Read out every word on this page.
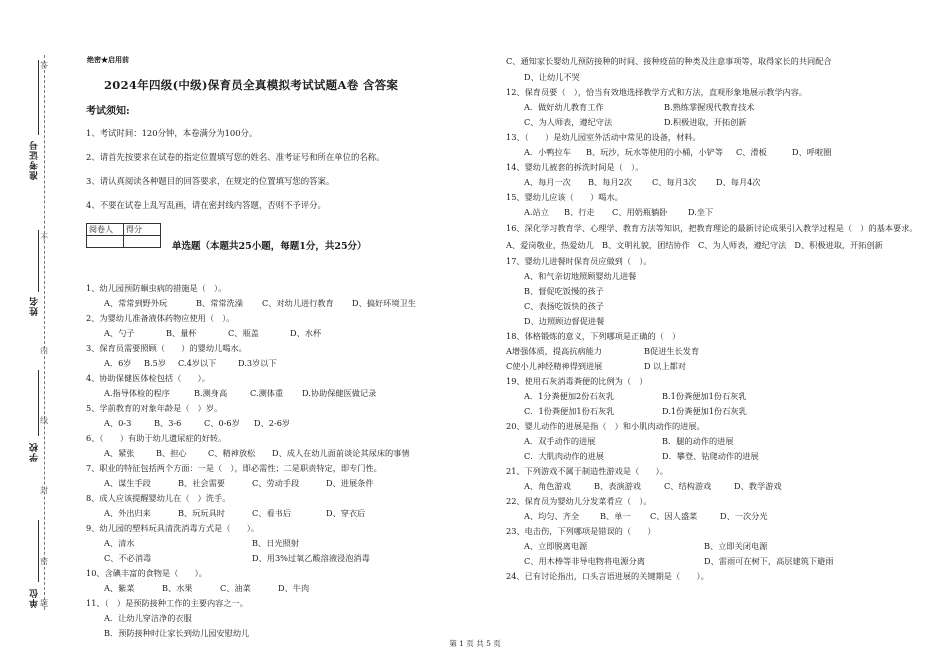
准考证号
姓名
学校
单位
答
不
内
线
封
密
题
绝密★启用前
2024年四级(中级)保育员全真模拟考试试题A卷 含答案
考试须知:
1、考试时间：120分钟，本卷满分为100分。
2、请首先按要求在试卷的指定位置填写您的姓名、准考证号和所在单位的名称。
3、请认真阅读各种题目的回答要求，在规定的位置填写您的答案。
4、不要在试卷上乱写乱画，请在密封线内答题，否则不予评分。
阅卷人	得分

单选题（本题共25小题，每题1分，共25分）
1、幼儿园预防蛔虫病的措施是（　）。
A、常常到野外玩	B、常常洗澡	C、对幼儿进行教育	D、搞好环境卫生
2、为婴幼儿准备液体药物应使用（　）。
A、勺子	B、量杯	C、瓶盖	D、水杯
3、保育员需要照顾（　　）的婴幼儿喝水。
A．6岁	B.5岁	C.4岁以下	D.3岁以下
4、协助保健医体检包括（　　）。
A.指导体检的程序	B.测身高	C.测体重	D.协助保健医做记录
5、学前教育的对象年龄是（　）岁。
A、0-3	B、3-6	C、0-6岁	D、2-6岁
6、（　　）有助于幼儿遗尿症的好转。
A、紧张	B、担心	C、精神放松	D、成人在幼儿面前谈论其尿床的事情
7、职业的特征包括两个方面：一是（　），即必需性；二是职责特定，即专门性。
A、谋生手段	B、社会需要	C、劳动手段	D、进展条件
8、成人应该提醒婴幼儿在（　）洗手。
A、外出归来	B、玩玩具时	C、看书后	D、穿衣后
9、幼儿园的塑料玩具清洗消毒方式是（　　）。
A、清水	B、日光照射
C、不必消毒	D、用3%过氧乙酸溶液浸泡消毒
10、含碘丰富的食物是（　　）。
A、紫菜	B、水果	C、油菜	D、牛肉
11、（　）是预防接种工作的主要内容之一。
A．让幼儿穿洁净的衣服
B．预防接种时让家长到幼儿园安慰幼儿
C、通知家长婴幼儿预防接种的时间、接种疫苗的种类及注意事项等，取得家长的共同配合
D、让幼儿不哭
12、保育员要（　），恰当有效地选择教学方式和方法，直观形象地展示教学内容。
A．做好幼儿教育工作	B.熟练掌握现代教育技术
C、为人师表，遵纪守法	D.积极进取，开拓创新
13、（　　）是幼儿园室外活动中常见的设备，材料。
A．小鸭拉车	B、玩沙，玩水等使用的小桶，小铲等	C、滑板	D、呼啦圈
14、婴幼儿被套的拆洗时间是（　）。
A、每月一次	B、每月2次	C、每月3次	D、每月4次
15、婴幼儿应该（　　）喝水。
A.站立	B、行走	C、用奶瓶躺卧	D.坐下
16、深化学习教育学、心理学、教育方法等知识，把教育理论的最新讨论成果引入教学过程是（　）的基本要求。
A、爱岗敬业，热爱幼儿　B、文明礼貌，团结协作　C、为人师表，遵纪守法　D、积极进取，开拓创新
17、婴幼儿进餐时保育员应做到（　）。
A、和气亲切地照顾婴幼儿进餐
B、督促吃饭慢的孩子
C、表扬吃饭快的孩子
D、边照顾边督促进餐
18、体格锻炼的意义，下列哪项是正确的（　）
A增强体质，提高抗病能力	B促进生长发育
C使小儿神经精神得到进展	D 以上都对
19、使用石灰消毒粪便的比例为（　）
A．1分粪便加2份石灰乳	B.1份粪便加1份石灰乳
C．1份粪便加1份石灰乳	D.1份粪便加1份石灰乳
20、婴儿动作的进展是指（　）和小肌肉动作的进展。
A．双手动作的进展	B．腿的动作的进展
C．大肌肉动作的进展	D．攀登、钻爬动作的进展
21、下列游戏不属于制造性游戏是（　　）。
A、角色游戏	B、表演游戏	C、结构游戏	D、教学游戏
22、保育员为婴幼儿分发菜肴应（　）。
A、均匀、齐全	B、单一	C、因人盛菜	D、一次分光
23、电击伤，下列哪项是错误的（　　）
A、立即脱离电源	B、立即关闭电源
C、用木棒等非导电物将电源分离	D、雷雨可在树下，高层建筑下避雨
24、已有讨论指出，口头言语进展的关键期是（　　）。
第 1 页 共 5 页
